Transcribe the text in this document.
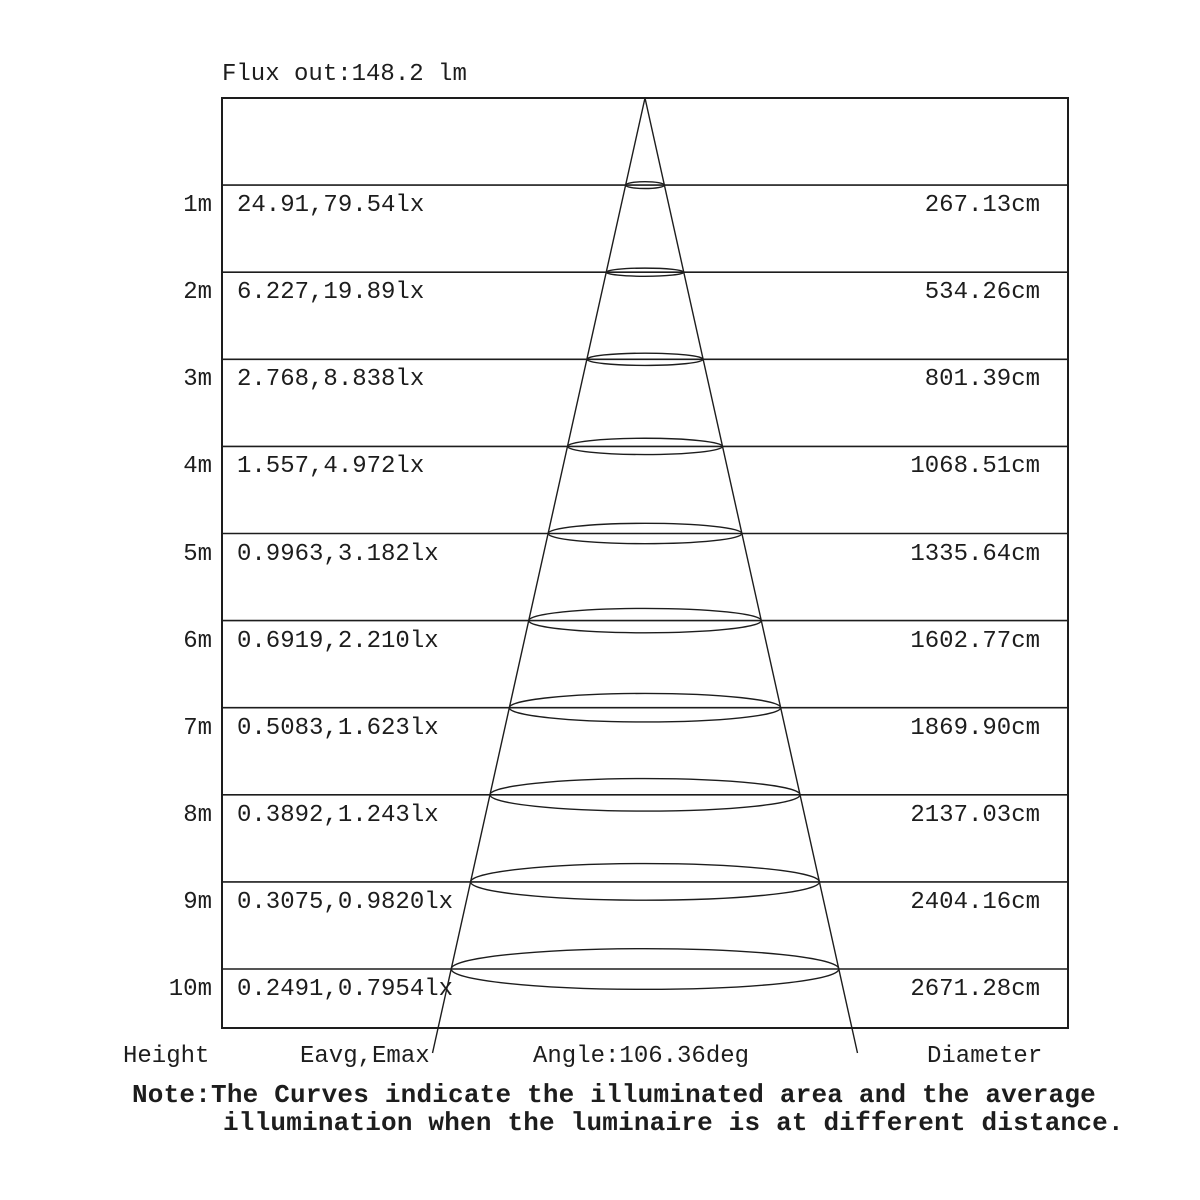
Flux out:148.2 lm
1m 24.91,79.54lx	267.13cm
2m 6.227,19.89lx	534.26cm
3m 2.768,8.838lx	801.39cm
4m 1.557,4.972lx	1068.51cm
5m 0.9963,3.182lx	1335.64cm
6m 0.6919,2.210lx	1602.77cm
7m 0.5083,1.623lx	1869.90cm
8m 0.3892,1.243lx	2137.03cm
9m 0.3075,0.9820lx	2404.16cm
10m 0.2491,0.7954lx	2671.28cm
Height	Eavg,Emax	Angle:106.36deg	Diameter
Note:The Curves indicate the illuminated area and the average
illumination when the luminaire is at different distance.
